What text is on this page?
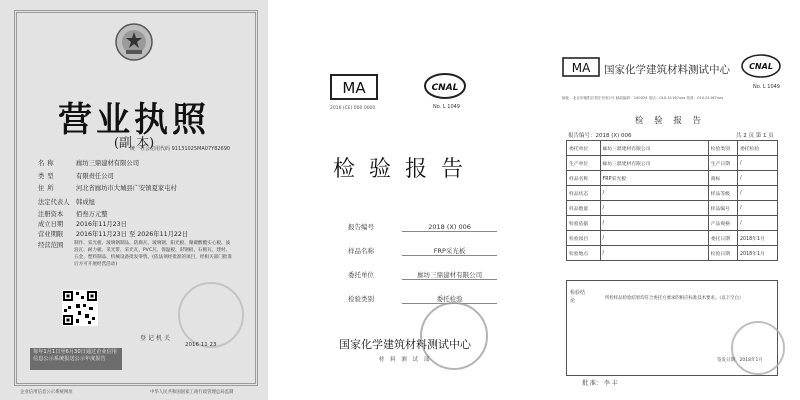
营业执照
(副 本)
统一社会信用代码 91131025MA07Y82690
名称	廊坊三鼎建材有限公司
类型	有限责任公司
住所	河北省廊坊市大城县广安镇夏家屯村
法定代表人 韩成旭
注册资本 佰叁万元整
成立日期 2016年11月23日
营业期限 2016年11月23日 至 2026年11月22日
经营范围	制作、采光板、玻璃钢制品、防腐瓦、玻璃钢、阳光板、聚碳酸酯实心板、波浪瓦、耐力板、采光带、采光瓦、PVC瓦、保温板、彩钢板、石棉瓦、建材、五金、塑料制品、机械设备批发零售。(依法须经批准的项目，经相关部门批准后方可开展经营活动)
登记机关
2016 11 23
每年1月1日至6月30日通过企业信用信息公示系统报送公示年度报告
企业信用信息公示系统网址	中华人民共和国国家工商行政管理总局监制
MA
2016 (CE) 000 0000
CNAL
No. L 1049
检验报告
报告编号	2018 (X) 006
样品名称	FRP采光板
委托单位	廊坊三鼎建材有限公司
检验类别	委托检验
国家化学建筑材料测试中心
材 料 测 试 部
MA 国家化学建筑材料测试中心 CNAL
No. L 1049
地址：北京市朝阳区管庄东里1号 邮政编码：100024 电话：010-51167xxx 传真：010-51167xxx
检 验 报 告
报告编号：2018 (X) 006	共 2 页 第 1 页
委托单位	廊坊三鼎建材有限公司	检验类别	委托检验
生产单位	廊坊三鼎建材有限公司	生产日期	/
样品名称	FRP采光板	商标	/
样品状态	/	样品等级	/
样品数量	/	样品编号	/
检验依据	/	产品规格	/
检验项目	/	委托日期	2018年1月
检验地点	/	检验日期	2018年1月
检验结论	所检样品检验结果均符合委托方要求的相应标准技术要求。（以下空白）
签发日期：2018年1月
批 准： 李 丰
